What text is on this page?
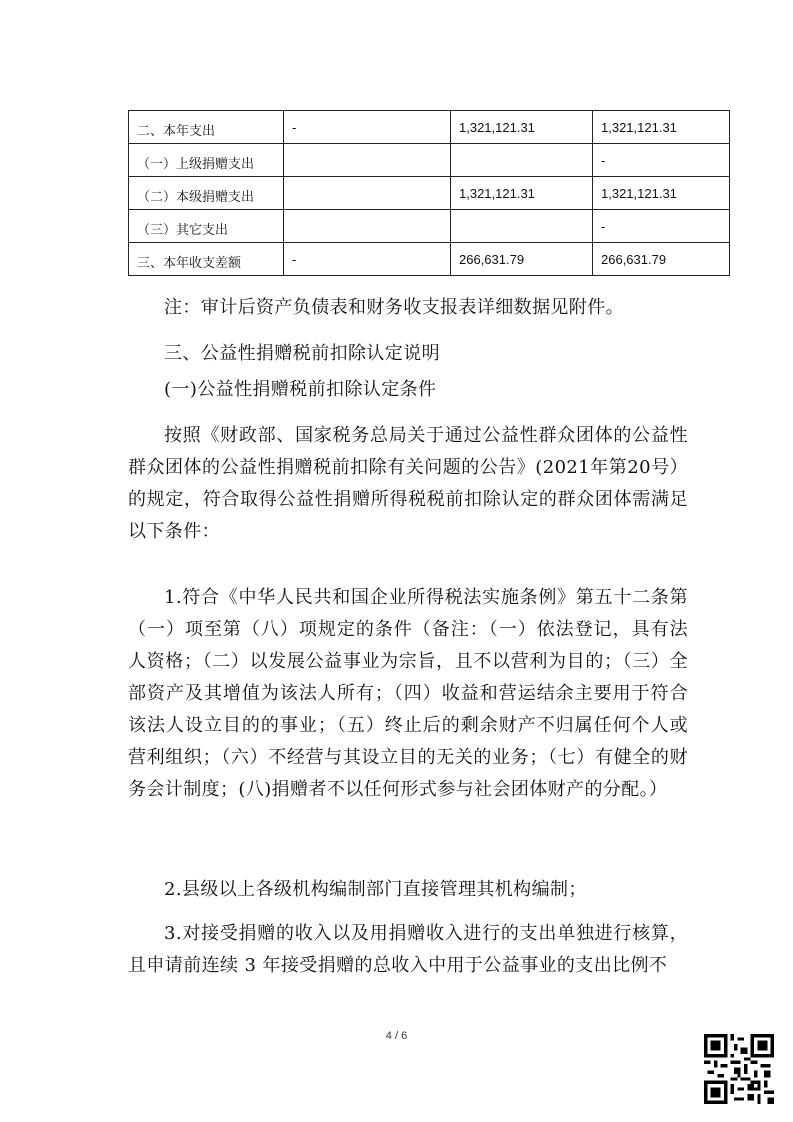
二、本年支出	-	1,321,121.31	1,321,121.31
（一）上级捐赠支出			-
（二）本级捐赠支出		1,321,121.31	1,321,121.31
（三）其它支出			-
三、本年收支差额	-	266,631.79	266,631.79

注：审计后资产负债表和财务收支报表详细数据见附件。

三、公益性捐赠税前扣除认定说明

(一)公益性捐赠税前扣除认定条件

按照《财政部、国家税务总局关于通过公益性群众团体的公益性群众团体的公益性捐赠税前扣除有关问题的公告》(2021年第20号）的规定，符合取得公益性捐赠所得税税前扣除认定的群众团体需满足以下条件：

1.符合《中华人民共和国企业所得税法实施条例》第五十二条第（一）项至第（八）项规定的条件（备注：（一）依法登记，具有法人资格；（二）以发展公益事业为宗旨，且不以营利为目的；（三）全部资产及其增值为该法人所有；（四）收益和营运结余主要用于符合该法人设立目的的事业；（五）终止后的剩余财产不归属任何个人或营利组织；（六）不经营与其设立目的无关的业务；（七）有健全的财务会计制度；(八)捐赠者不以任何形式参与社会团体财产的分配。）

2.县级以上各级机构编制部门直接管理其机构编制；

3.对接受捐赠的收入以及用捐赠收入进行的支出单独进行核算，且申请前连续 3 年接受捐赠的总收入中用于公益事业的支出比例不

4 / 6
